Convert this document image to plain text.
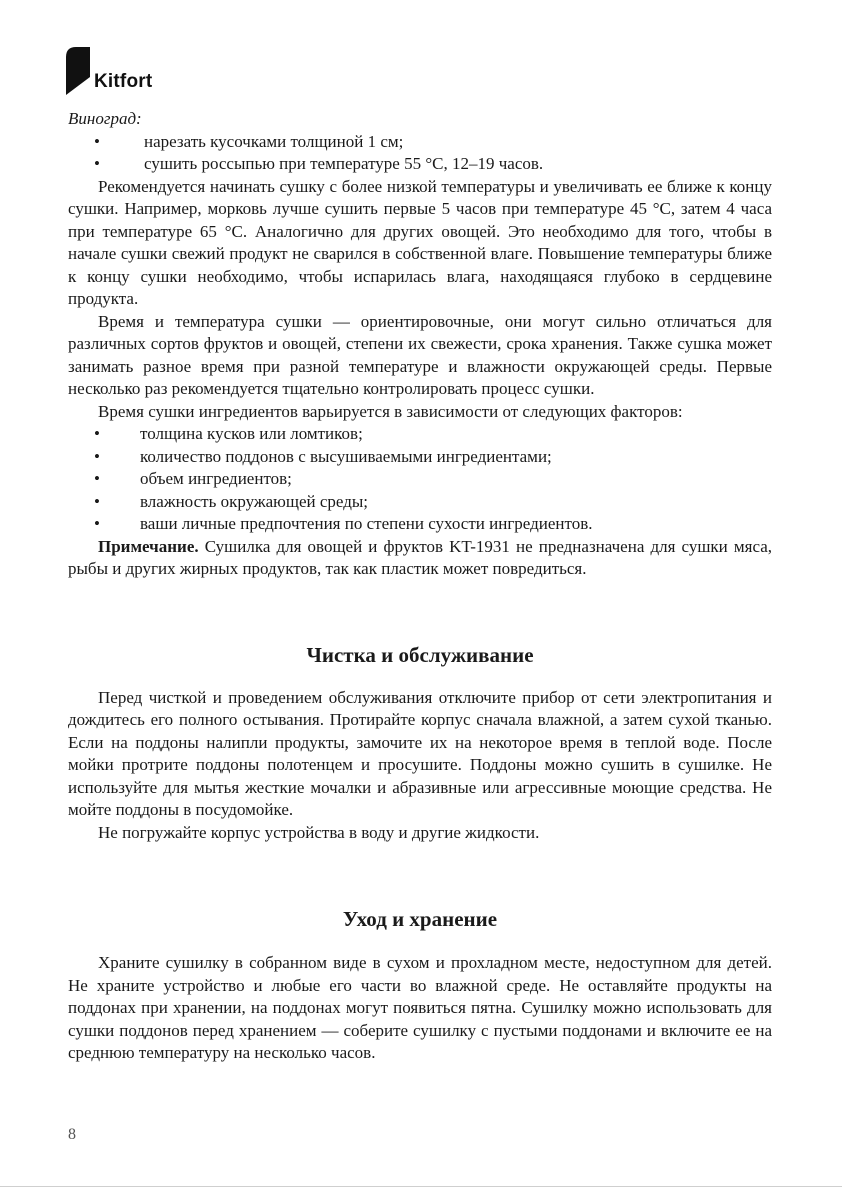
Kitfort

Виноград:

•	нарезать кусочками толщиной 1 см;
•	сушить россыпью при температуре 55 °C, 12–19 часов.

Рекомендуется начинать сушку с более низкой температуры и увеличивать ее ближе к концу сушки. Например, морковь лучше сушить первые 5 часов при температуре 45 °C, затем 4 часа при температуре 65 °C. Аналогично для других овощей. Это необходимо для того, чтобы в начале сушки свежий продукт не сварился в собственной влаге. Повышение температуры ближе к концу сушки необходимо, чтобы испарилась влага, находящаяся глубоко в сердцевине продукта.

Время и температура сушки — ориентировочные, они могут сильно отличаться для различных сортов фруктов и овощей, степени их свежести, срока хранения. Также сушка может занимать разное время при разной температуре и влажности окружающей среды. Первые несколько раз рекомендуется тщательно контролировать процесс сушки.

Время сушки ингредиентов варьируется в зависимости от следующих факторов:

• толщина кусков или ломтиков;
• количество поддонов с высушиваемыми ингредиентами;
• объем ингредиентов;
• влажность окружающей среды;
• ваши личные предпочтения по степени сухости ингредиентов.

Примечание. Сушилка для овощей и фруктов KT-1931 не предназначена для сушки мяса, рыбы и других жирных продуктов, так как пластик может повредиться.

Чистка и обслуживание

Перед чисткой и проведением обслуживания отключите прибор от сети электропитания и дождитесь его полного остывания. Протирайте корпус сначала влажной, а затем сухой тканью. Если на поддоны налипли продукты, замочите их на некоторое время в теплой воде. После мойки протрите поддоны полотенцем и просушите. Поддоны можно сушить в сушилке. Не используйте для мытья жесткие мочалки и абразивные или агрессивные моющие средства. Не мойте поддоны в посудомойке.

Не погружайте корпус устройства в воду и другие жидкости.

Уход и хранение

Храните сушилку в собранном виде в сухом и прохладном месте, недоступном для детей. Не храните устройство и любые его части во влажной среде. Не оставляйте продукты на поддонах при хранении, на поддонах могут появиться пятна. Сушилку можно использовать для сушки поддонов перед хранением — соберите сушилку с пустыми поддонами и включите ее на среднюю температуру на несколько часов.

8
